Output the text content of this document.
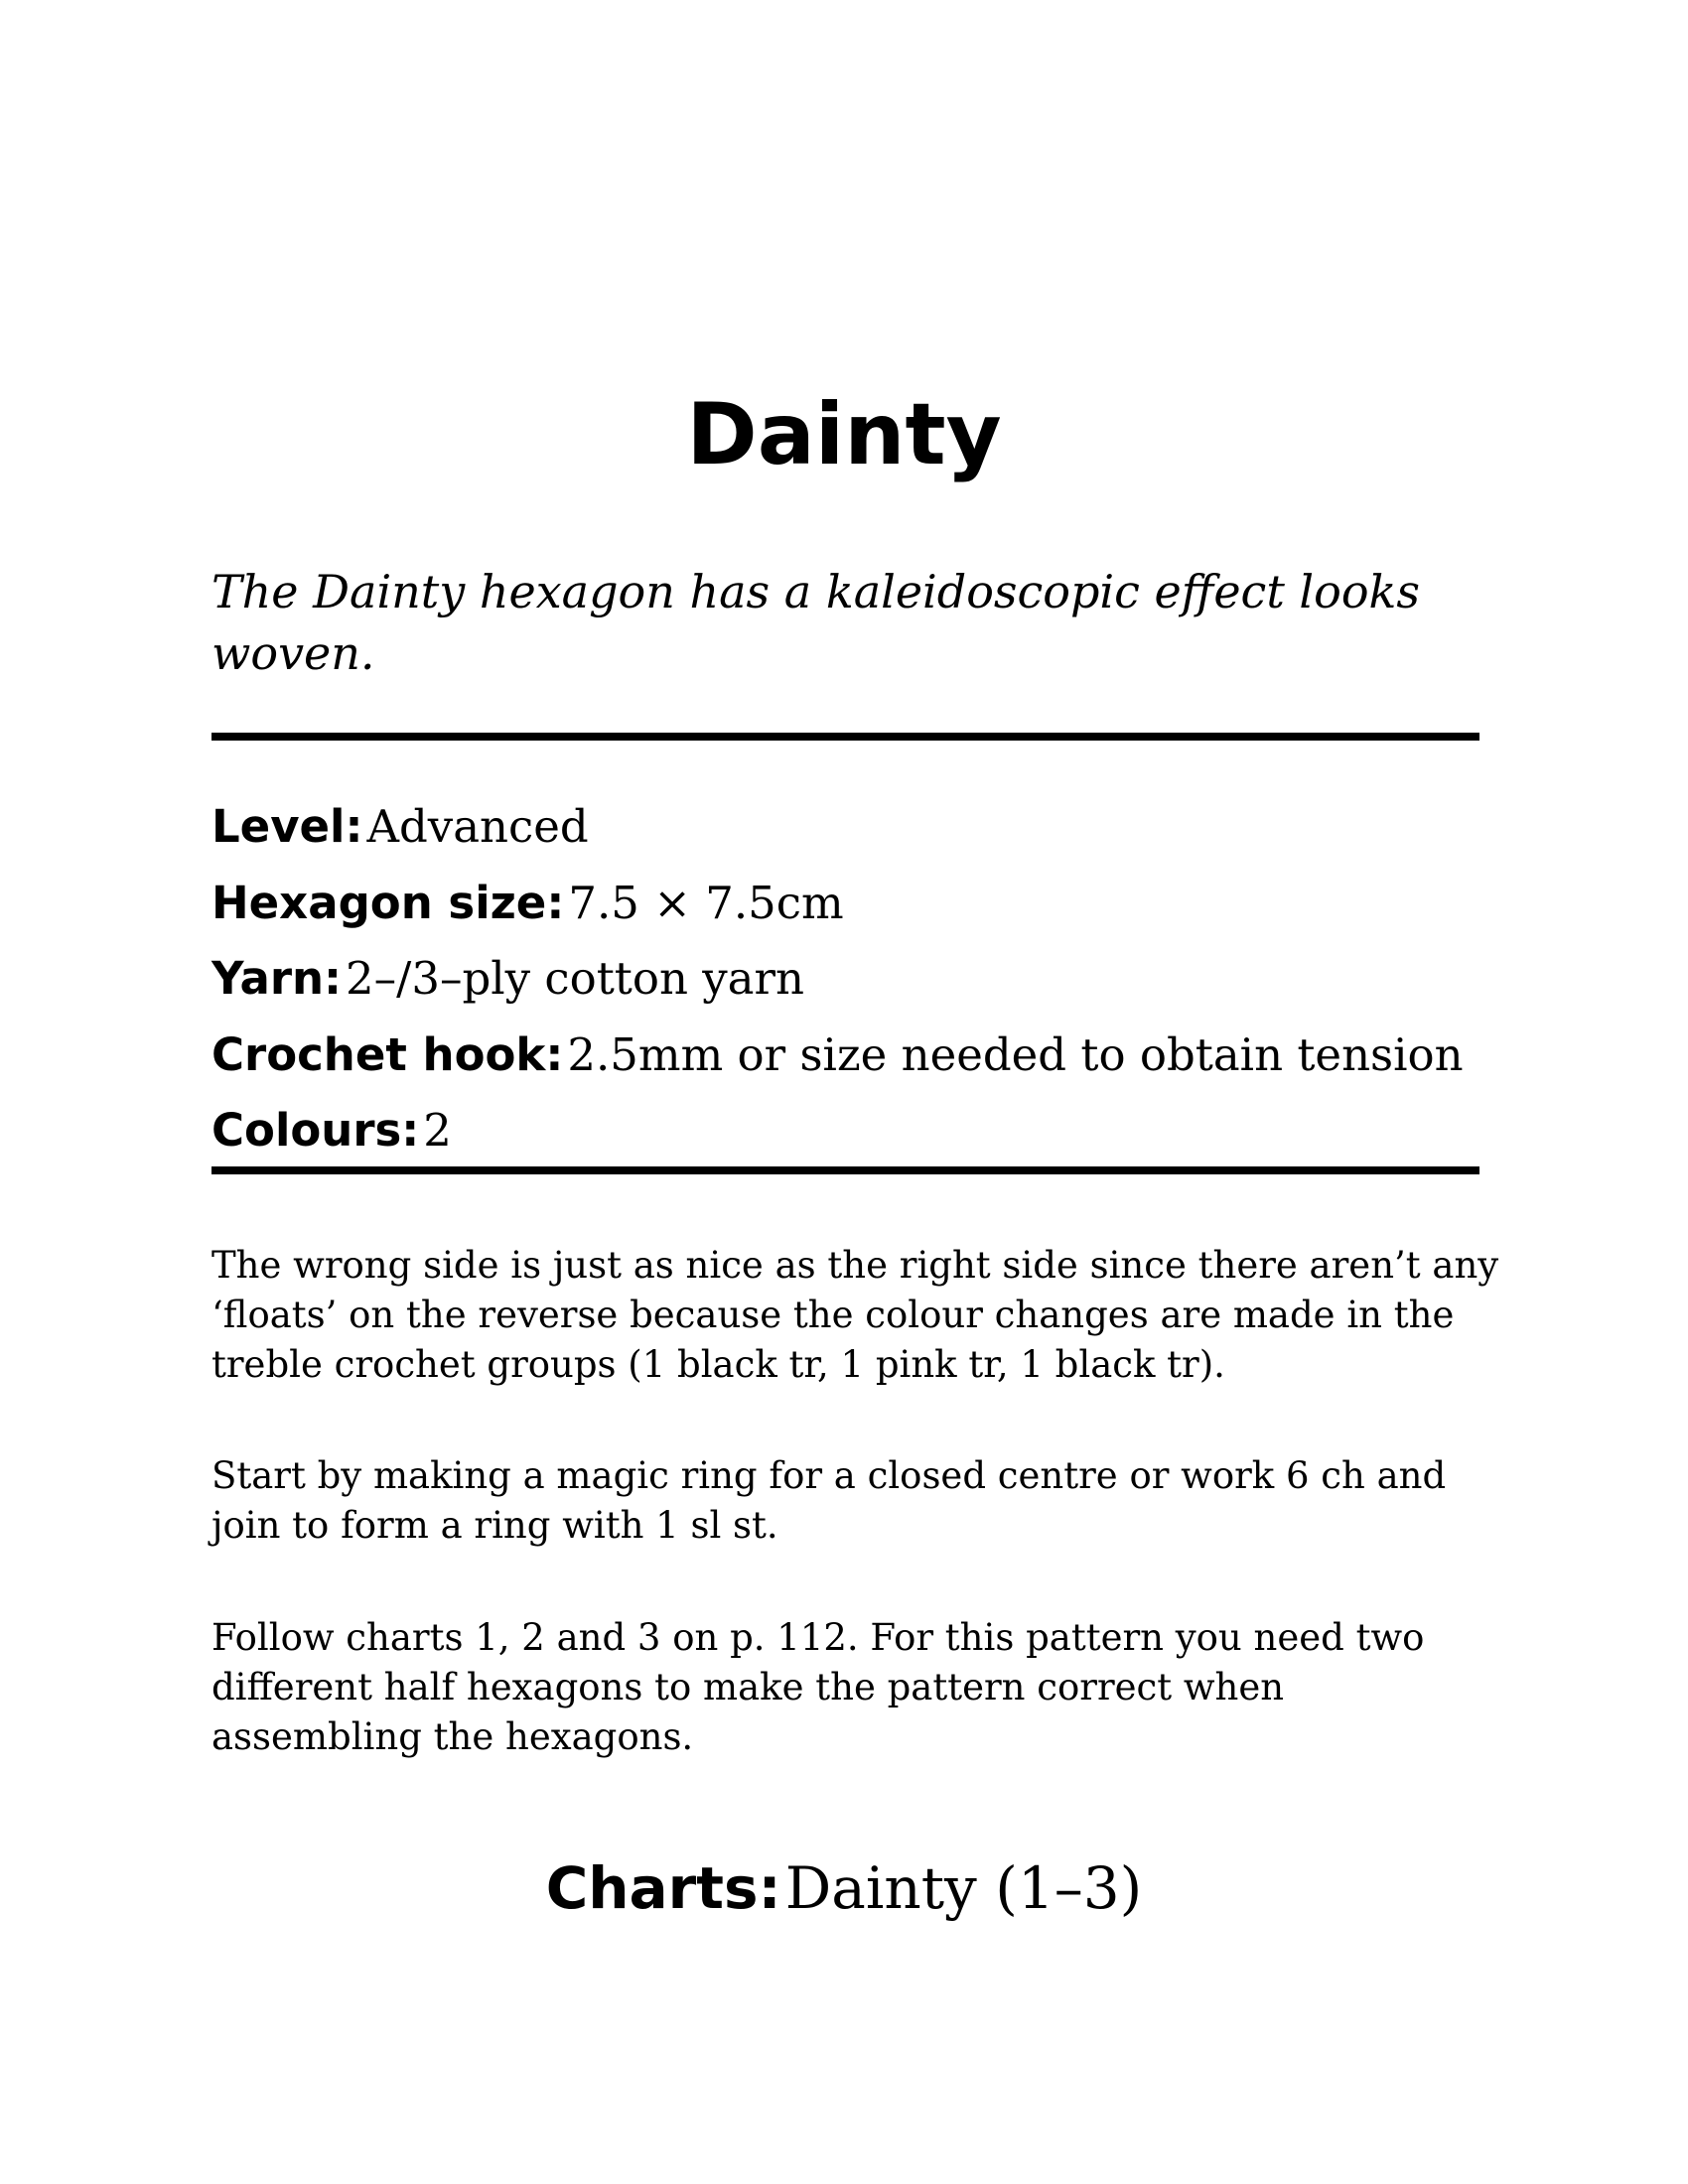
Dainty

The Dainty hexagon has a kaleidoscopic effect looks
woven.

Level: Advanced
Hexagon size: 7.5 × 7.5cm
Yarn: 2–/3–ply cotton yarn
Crochet hook: 2.5mm or size needed to obtain tension
Colours: 2

The wrong side is just as nice as the right side since there aren’t any
‘floats’ on the reverse because the colour changes are made in the
treble crochet groups (1 black tr, 1 pink tr, 1 black tr).

Start by making a magic ring for a closed centre or work 6 ch and
join to form a ring with 1 sl st.

Follow charts 1, 2 and 3 on p. 112. For this pattern you need two
different half hexagons to make the pattern correct when
assembling the hexagons.

Charts: Dainty (1–3)
